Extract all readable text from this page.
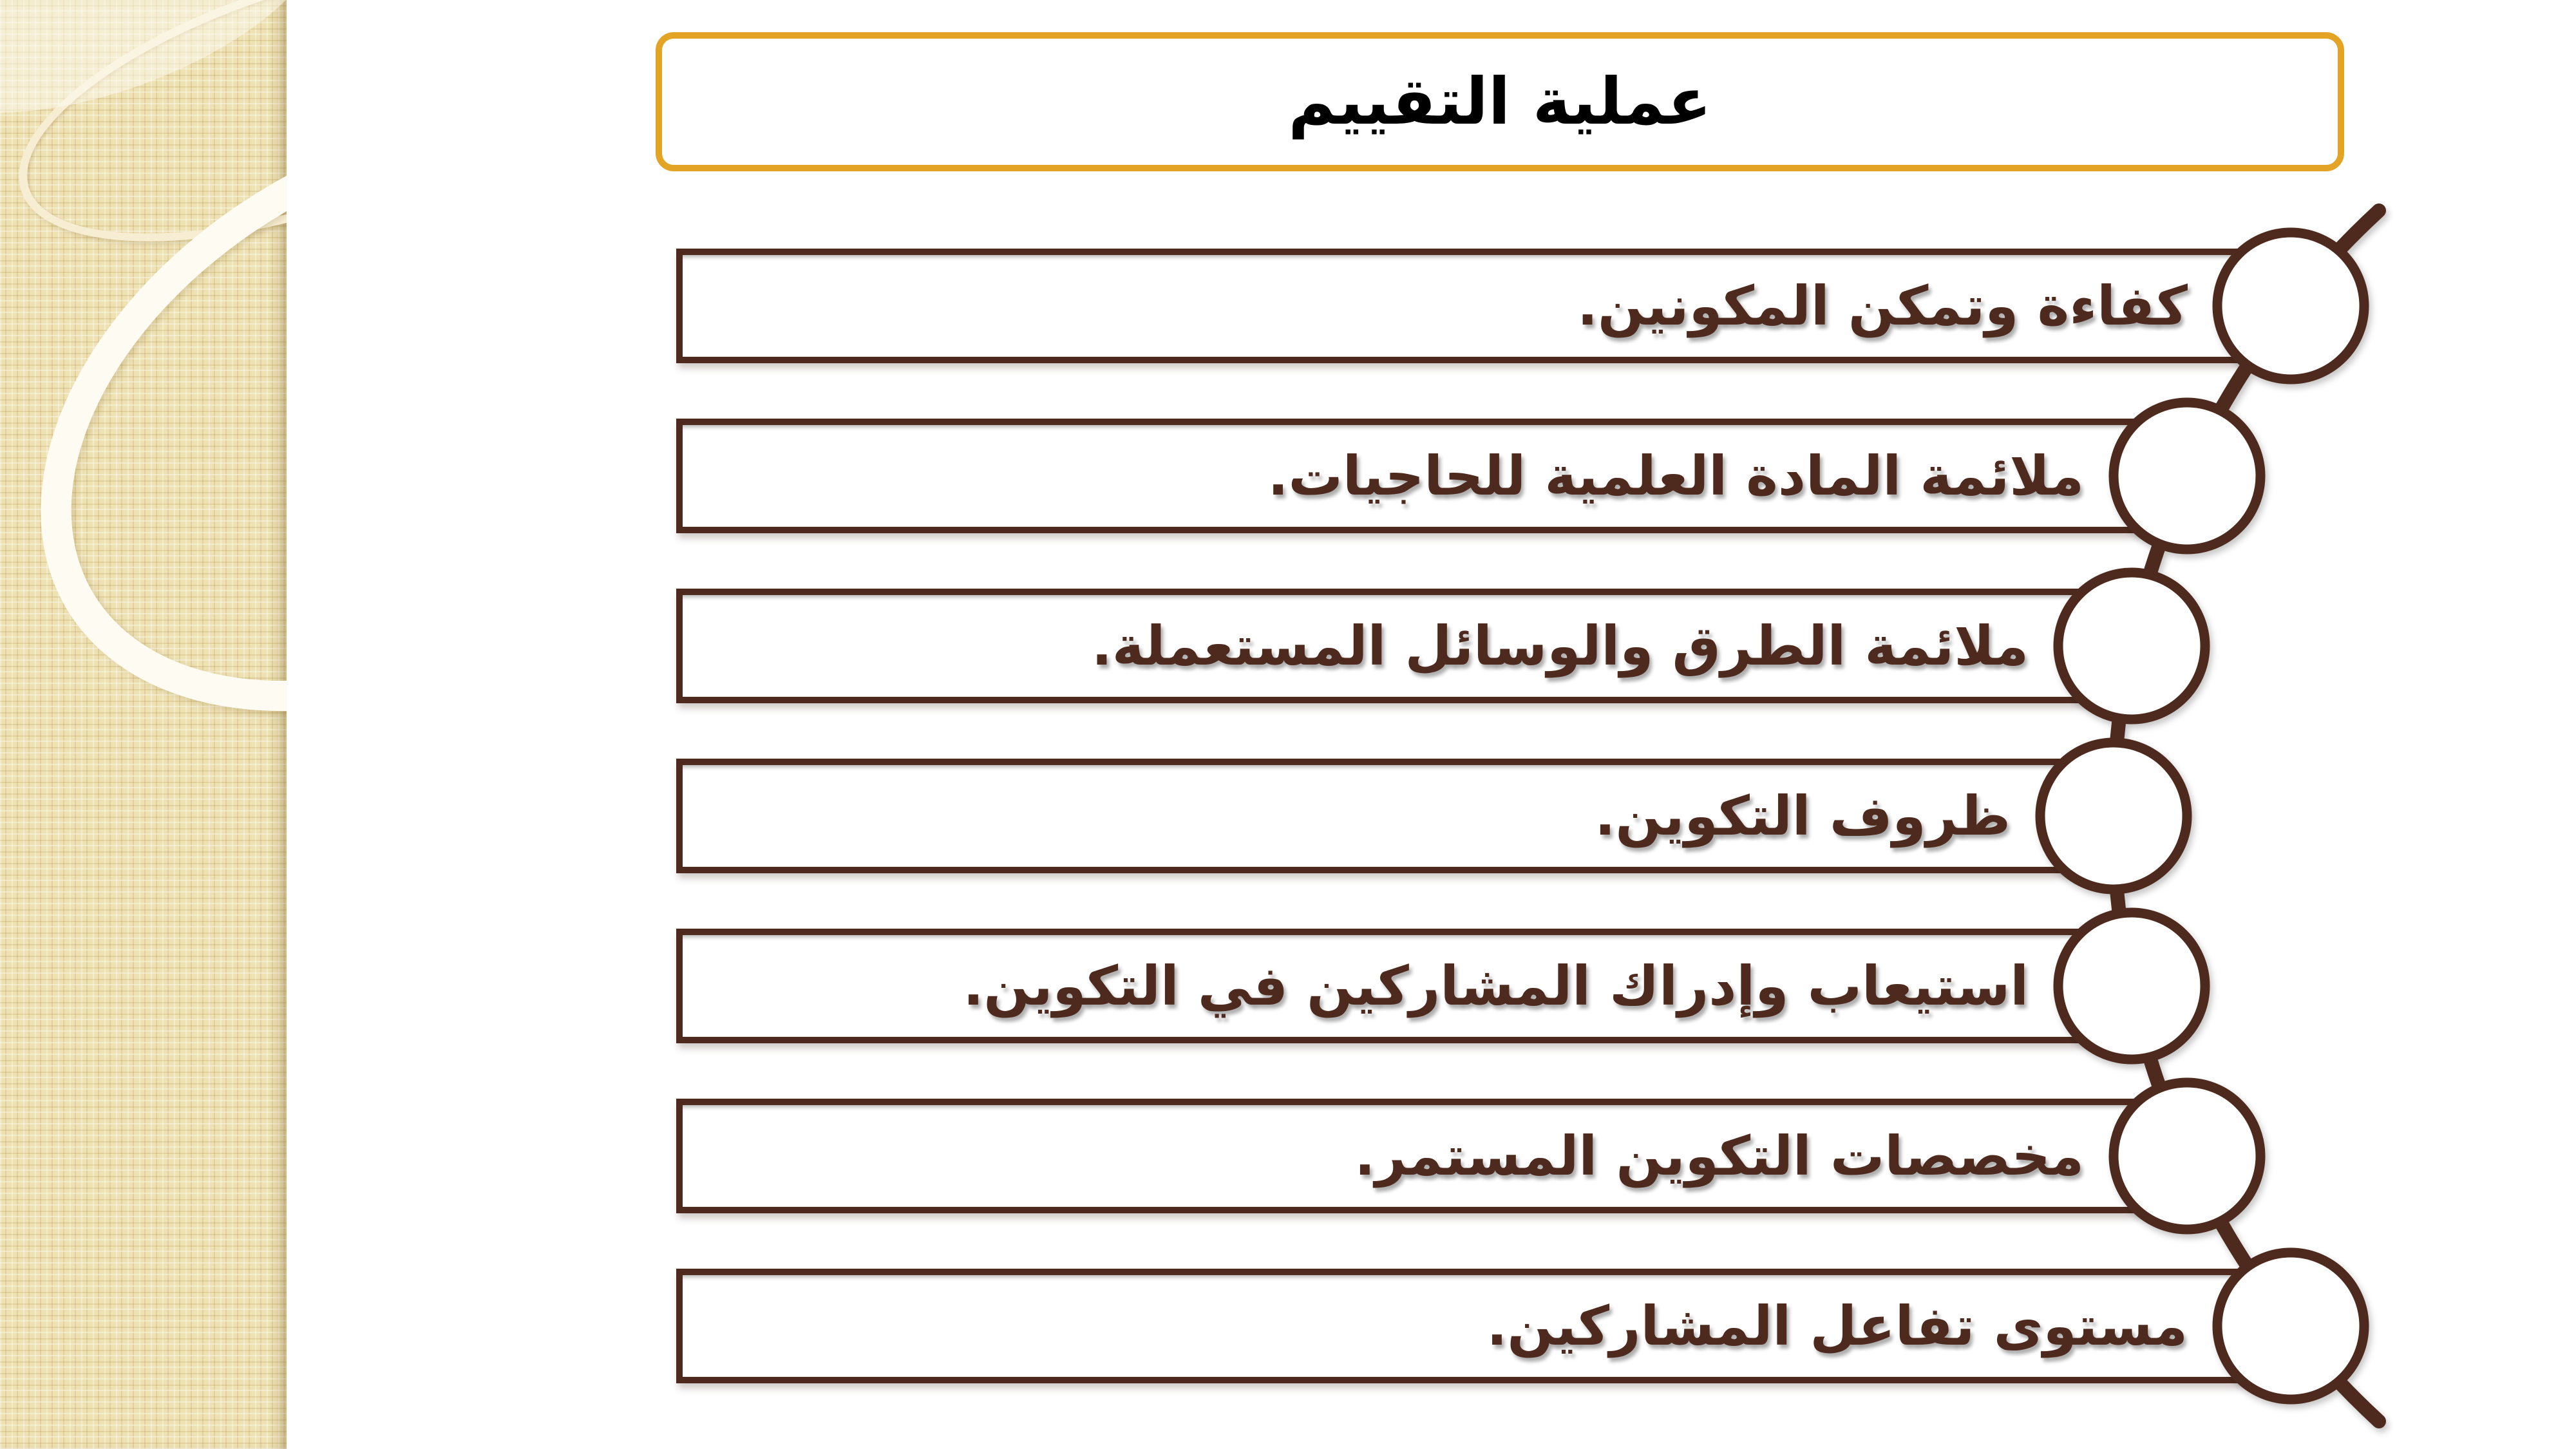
عملية التقييم
كفاءة وتمكن المكونين.
ملائمة المادة العلمية للحاجيات.
ملائمة الطرق والوسائل المستعملة.
ظروف التكوين.
استيعاب وإدراك المشاركين في التكوين.
مخصصات التكوين المستمر.
مستوى تفاعل المشاركين.
